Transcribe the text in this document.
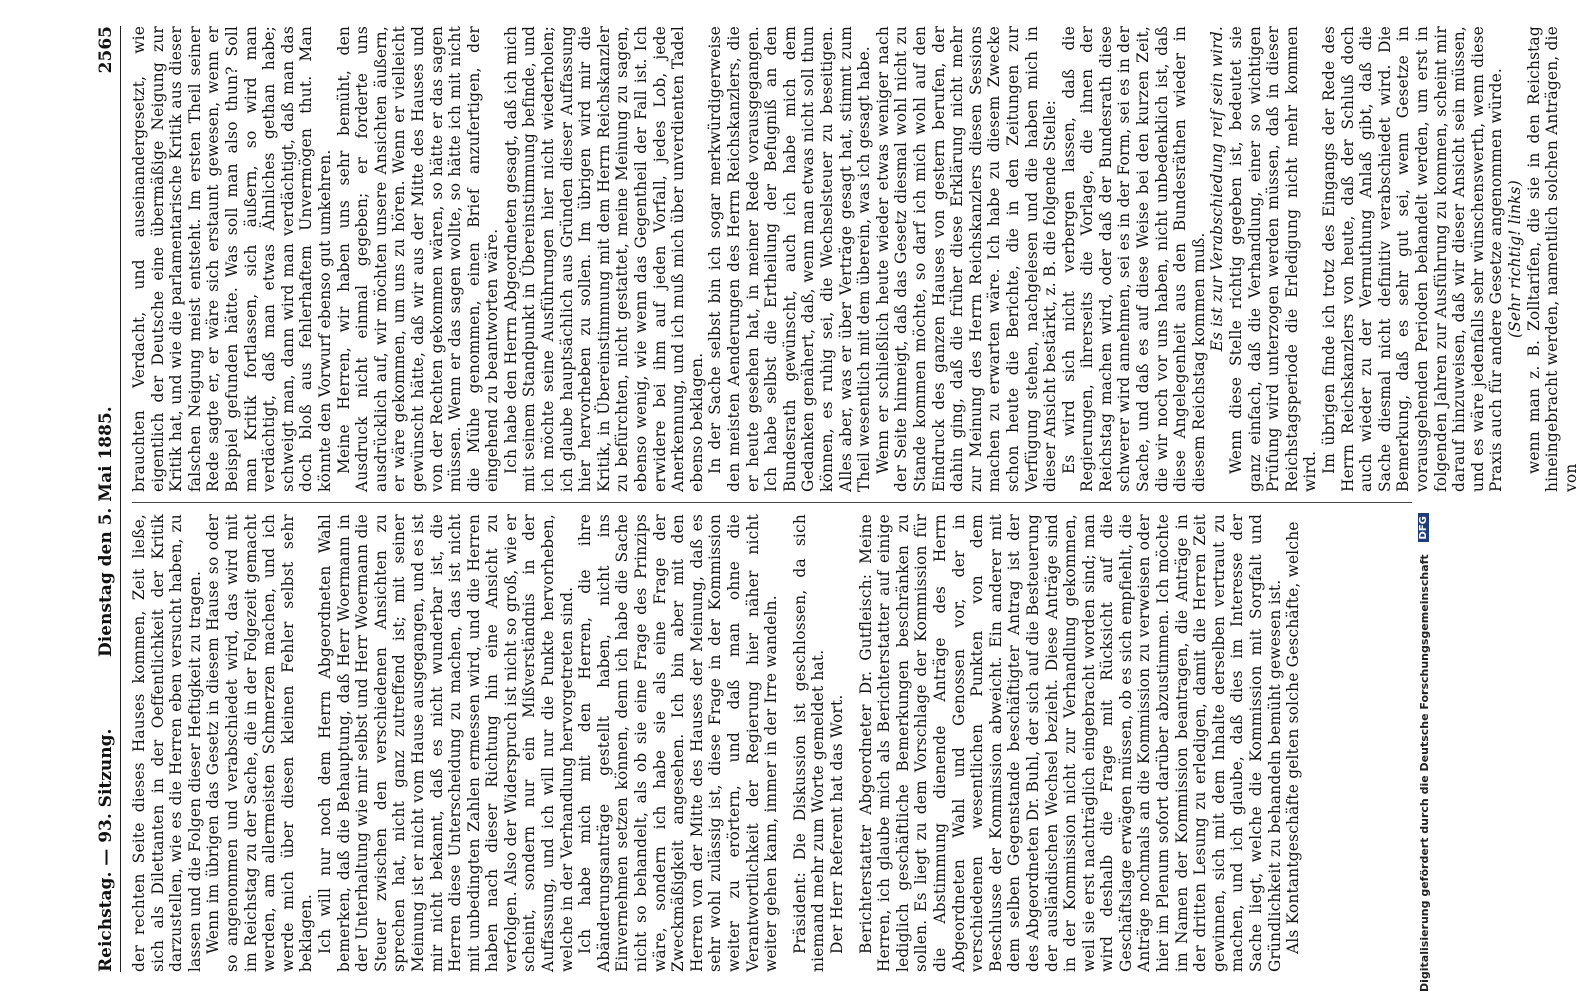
Reichstag. — 93. Sitzung.
Dienstag den 5. Mai 1885.
2565

der rechten Seite dieses Hauses kommen, Zeit ließe, sich als Dilettanten in der Oeffentlichkeit der Kritik darzustellen, wie es die Herren eben versucht haben, zu lassen und die Folgen dieser Heftigkeit zu tragen. Wenn im übrigen das Gesetz in diesem Hause so oder so angenommen und verabschiedet wird, das wird mit im Reichstag zu der Sache, die in der Folgezeit gemacht werden, am allermeisten Schmerzen machen, und ich werde mich über diesen kleinen Fehler selbst sehr beklagen. Ich will nur noch dem Herrn Abgeordneten Wahl bemerken, daß die Behauptung, daß Herr Woermann in der Unterhaltung wie mir selbst und Herr Woermann die Steuer zwischen den verschiedenen Ansichten zu sprechen hat, nicht ganz zutreffend ist; mit seiner Meinung ist er nicht vom Hause ausgegangen, und es ist mir nicht bekannt, daß es nicht wunderbar ist, die Herren diese Unterscheidung zu machen, das ist nicht mit unbedingten Zahlen ermessen wird, und die Herren haben nach dieser Richtung hin eine Ansicht zu verfolgen. Also der Widerspruch ist nicht so groß, wie er scheint, sondern nur ein Mißverständnis in der Auffassung, und ich will nur die Punkte hervorheben, welche in der Verhandlung hervorgetreten sind. Ich habe mich mit den Herren, die ihre Abänderungsanträge gestellt haben, nicht ins Einvernehmen setzen können, denn ich habe die Sache nicht so behandelt, als ob sie eine Frage des Prinzips wäre, sondern ich habe sie als eine Frage der Zweckmäßigkeit angesehen. Ich bin aber mit den Herren von der Mitte des Hauses der Meinung, daß es sehr wohl zulässig ist, diese Frage in der Kommission weiter zu erörtern, und daß man ohne die Verantwortlichkeit der Regierung hier näher nicht weiter gehen kann, immer in der Irre wandeln. Präsident: Die Diskussion ist geschlossen, da sich niemand mehr zum Worte gemeldet hat. Der Herr Referent hat das Wort. Berichterstatter Abgeordneter Dr. Gutfleisch: Meine Herren, ich glaube mich als Berichterstatter auf einige lediglich geschäftliche Bemerkungen beschränken zu sollen. Es liegt zu dem Vorschlage der Kommission für die Abstimmung dienende Anträge des Herrn Abgeordneten Wahl und Genossen vor, der in verschiedenen wesentlichen Punkten von dem Beschlusse der Kommission abweicht. Ein anderer mit dem selben Gegenstande beschäftigter Antrag ist der des Abgeordneten Dr. Buhl, der sich auf die Besteuerung der ausländischen Wechsel bezieht. Diese Anträge sind in der Kommission nicht zur Verhandlung gekommen, weil sie erst nachträglich eingebracht worden sind; man wird deshalb die Frage mit Rücksicht auf die Geschäftslage erwägen müssen, ob es sich empfiehlt, die Anträge nochmals an die Kommission zu verweisen oder hier im Plenum sofort darüber abzustimmen. Ich möchte im Namen der Kommission beantragen, die Anträge in der dritten Lesung zu erledigen, damit die Herren Zeit gewinnen, sich mit dem Inhalte derselben vertraut zu machen, und ich glaube, daß dies im Interesse der Sache liegt, welche die Kommission mit Sorgfalt und Gründlichkeit zu behandeln bemüht gewesen ist. Als Kontantgeschäfte gelten solche Geschäfte, welche

brauchten Verdacht, und auseinandergesetzt, wie eigentlich der Deutsche eine übermäßige Neigung zur Kritik hat, und wie die parlamentarische Kritik aus dieser falschen Neigung meist entsteht. Im ersten Theil seiner Rede sagte er, er wäre sich erstaunt gewesen, wenn er Beispiel gefunden hätte. Was soll man also thun? Soll man Kritik fortlassen, sich äußern, so wird man verdächtigt, daß man etwas Ähnliches gethan habe; schweigt man, dann wird man verdächtigt, daß man das doch bloß aus fehlerhaftem Unvermögen thut. Man könnte den Vorwurf ebenso gut umkehren. Meine Herren, wir haben uns sehr bemüht, den Ausdruck nicht einmal gegeben; er forderte uns ausdrücklich auf, wir möchten unsere Ansichten äußern, er wäre gekommen, um uns zu hören. Wenn er vielleicht gewünscht hätte, daß wir aus der Mitte des Hauses und von der Rechten gekommen wären, so hätte er das sagen müssen. Wenn er das sagen wollte, so hätte ich mit nicht die Mühe genommen, einen Brief anzufertigen, der eingehend zu beantworten wäre. Ich habe den Herrn Abgeordneten gesagt, daß ich mich mit seinem Standpunkt in Übereinstimmung befinde, und ich möchte seine Ausführungen hier nicht wiederholen; ich glaube hauptsächlich aus Gründen dieser Auffassung hier hervorheben zu sollen. Im übrigen wird mir die Kritik, in Übereinstimmung mit dem Herrn Reichskanzler zu befürchten, nicht gestattet, meine Meinung zu sagen, ebenso wenig, wie wenn das Gegentheil der Fall ist. Ich erwidere bei ihm auf jeden Vorfall, jedes Lob, jede Anerkennung, und ich muß mich über unverdienten Tadel ebenso beklagen. In der Sache selbst bin ich sogar merkwürdigerweise den meisten Aenderungen des Herrn Reichskanzlers, die er heute gesehen hat, in meiner Rede vorausgegangen. Ich habe selbst die Ertheilung der Befugniß an den Bundesrath gewünscht, auch ich habe mich dem Gedanken genähert, daß, wenn man etwas nicht soll thun können, es ruhig sei, die Wechselsteuer zu beseitigen. Alles aber, was er über Verträge gesagt hat, stimmt zum Theil wesentlich mit dem überein, was ich gesagt habe. Wenn er schließlich heute wieder etwas weniger nach der Seite hinneigt, daß das Gesetz diesmal wohl nicht zu Stande kommen möchte, so darf ich mich wohl auf den Eindruck des ganzen Hauses von gestern berufen, der dahin ging, daß die früher diese Erklärung nicht mehr zur Meinung des Herrn Reichskanzlers diesen Sessions machen zu erwarten wäre. Ich habe zu diesem Zwecke schon heute die Berichte, die in den Zeitungen zur Verfügung stehen, nachgelesen und die haben mich in dieser Ansicht bestärkt, z. B. die folgende Stelle: Es wird sich nicht verbergen lassen, daß die Regierungen, ihrerseits die Vorlage, die ihnen der Reichstag machen wird, oder daß der Bundesrath diese schwerer wird annehmen, sei es in der Form, sei es in der Sache, und daß es auf diese Weise bei den kurzen Zeit, die wir noch vor uns haben, nicht unbedenklich ist, daß diese Angelegenheit aus den Bundesräthen wieder in diesem Reichstag kommen muß.

Es ist zur Verabschiedung reif sein wird. Wenn diese Stelle richtig gegeben ist, bedeutet sie ganz einfach, daß die Verhandlung, einer so wichtigen Prüfung wird unterzogen werden müssen, daß in dieser Reichstagsperiode die Erledigung nicht mehr kommen wird. Im übrigen finde ich trotz des Eingangs der Rede des Herrn Reichskanzlers von heute, daß der Schluß doch auch wieder zu der Vermuthung Anlaß gibt, daß die Sache diesmal nicht definitiv verabschiedet wird. Die Bemerkung, daß es sehr gut sei, wenn Gesetze in vorausgehenden Perioden behandelt werden, um erst in folgenden Jahren zur Ausführung zu kommen, scheint mir darauf hinzuweisen, daß wir dieser Ansicht sein müssen, und es wäre jedenfalls sehr wünschenswerth, wenn diese Praxis auch für andere Gesetze angenommen würde. (Sehr richtig! links) wenn man z. B. Zolltarifen, die sie in den Reichstag hineingebracht werden, namentlich solchen Anträgen, die von

Digitalisierung gefördert durch die Deutsche Forschungsgemeinschaft DFG
